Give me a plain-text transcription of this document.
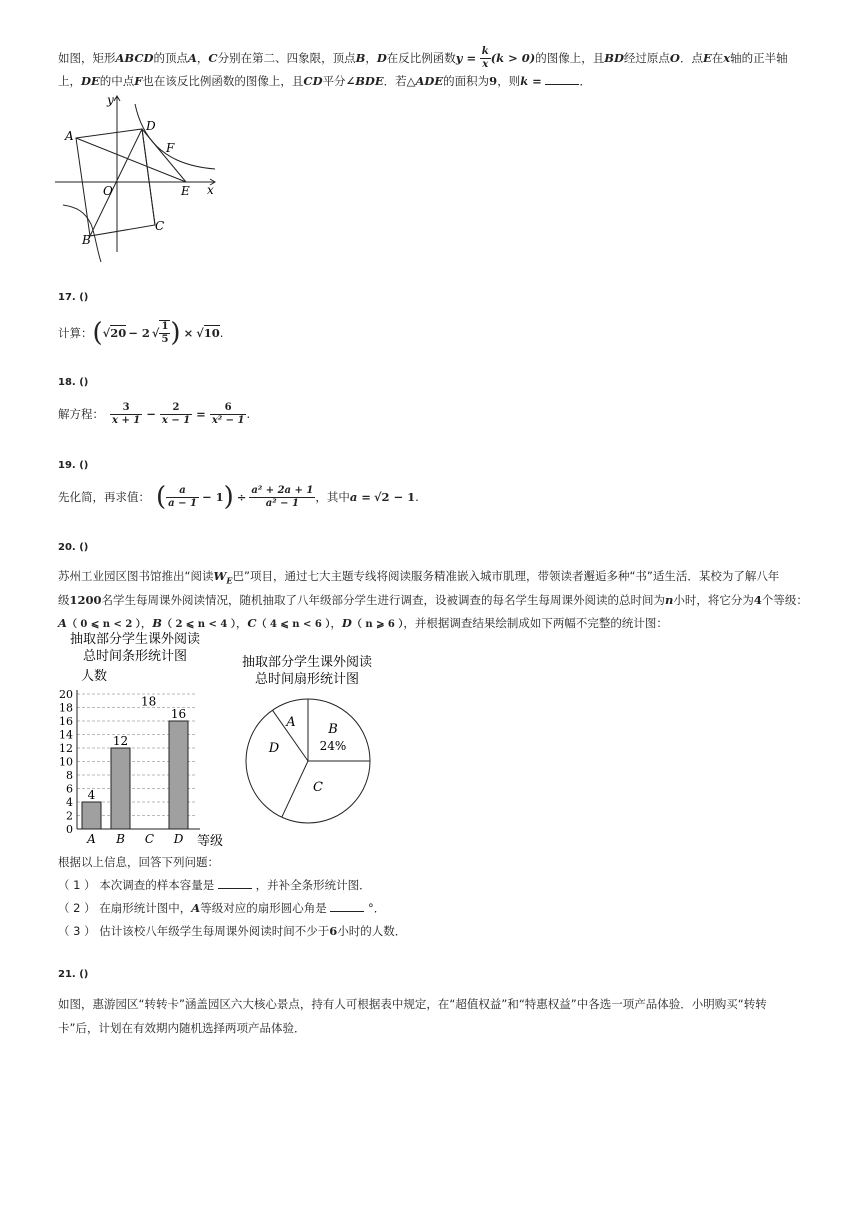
如图，矩形ABCD的顶点A，C分别在第二、四象限，顶点B，D在反比例函数$y = \frac{k}{x} (k > 0)$的图像上，且BD经过原点O．点E在x轴的正半轴
上，DE的中点F也在该反比例函数的图像上，且CD平分∠BDE．若△ADE的面积为9，则k =	．
A
D
F
O	E x
y
B
C
17. ()
计算： ( √20 − 2 √ $\frac{1}{5}$ ) × √10 .
18. ()
解方程： $\frac{3}{x + 1} - \frac{2}{x - 1} = \frac{6}{\text{x² − 1}}$ .
19. ()
先化简，再求值： ( $\frac{a}{a - 1} - 1$ ) ÷ $\frac{\text{a² + 2a + 1}}{\text{a² − 1}}$ ，其中 a = √2 − 1 .
20. ()
苏州工业园区图书馆推出“阅读$W_E$巴”项目，通过七大主题专线将阅读服务精准嵌入城市肌理，带领读者邂逅多种“书”适生活．某校为了解八年
级1200名学生每周课外阅读情况，随机抽取了八年级部分学生进行调查，设被调查的每名学生每周课外阅读的总时间为n小时，将它分为4个等级：
A（ 0 ⩽ n < 2 ），B（ 2 ⩽ n < 4 ），C（ 4 ⩽ n < 6 ），D（ n ⩾ 6 ），并根据调查结果绘制成如下两幅不完整的统计图：
抽取部分学生课外阅读
总时间条形统计图
人数
等级
0
2
4
6
8
10
12
14
16
18
20
4
A
12
B C
16
D
18
抽取部分学生课外阅读
总时间扇形统计图
A	B
24%
C
D
根据以上信息，回答下列问题：
（ 1 ） 本次调查的样本容量是	，并补全条形统计图．
（ 2 ） 在扇形统计图中，A等级对应的扇形圆心角是	°．
（ 3 ） 估计该校八年级学生每周课外阅读时间不少于6小时的人数．
21. ()
如图，惠游园区“转转卡”涵盖园区六大核心景点，持有人可根据表中规定，在“超值权益”和“特惠权益”中各选一项产品体验．小明购买“转转
卡”后，计划在有效期内随机选择两项产品体验．
